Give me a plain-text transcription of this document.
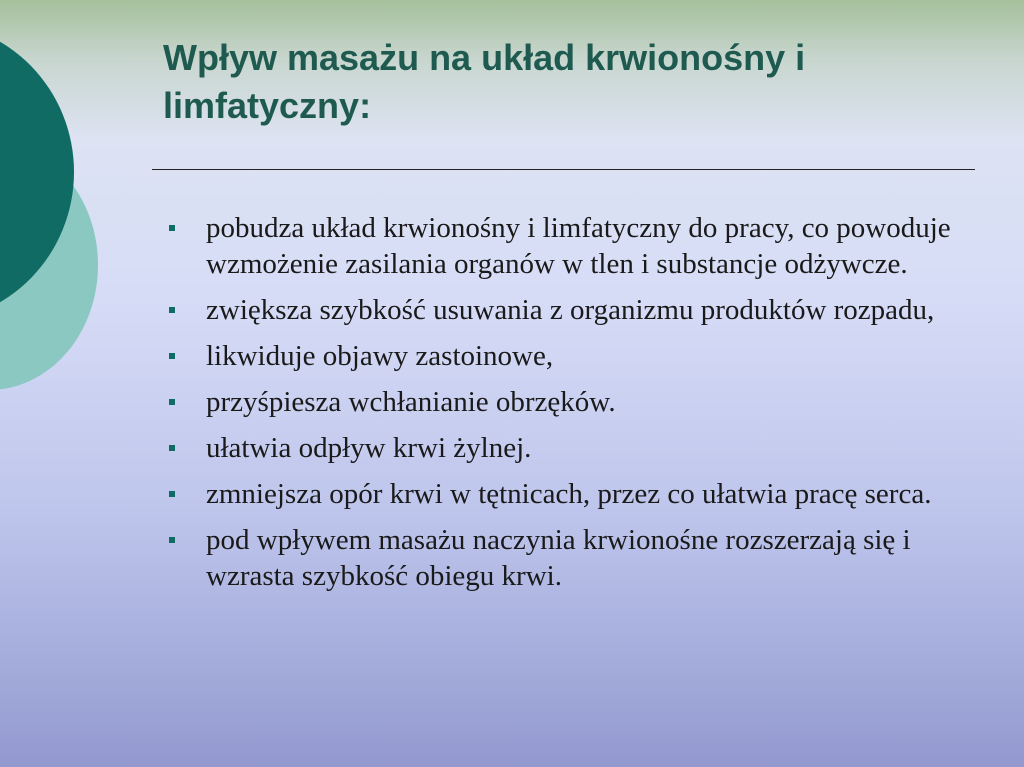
Wpływ masażu na układ krwionośny i limfatyczny:
pobudza układ krwionośny i limfatyczny do pracy, co powoduje wzmożenie zasilania organów w tlen i substancje odżywcze.
zwiększa szybkość usuwania z organizmu produktów rozpadu,
likwiduje objawy zastoinowe,
przyśpiesza wchłanianie obrzęków.
ułatwia odpływ krwi żylnej.
zmniejsza opór krwi w tętnicach, przez co ułatwia pracę serca.
pod wpływem masażu naczynia krwionośne rozszerzają się i wzrasta szybkość obiegu krwi.
